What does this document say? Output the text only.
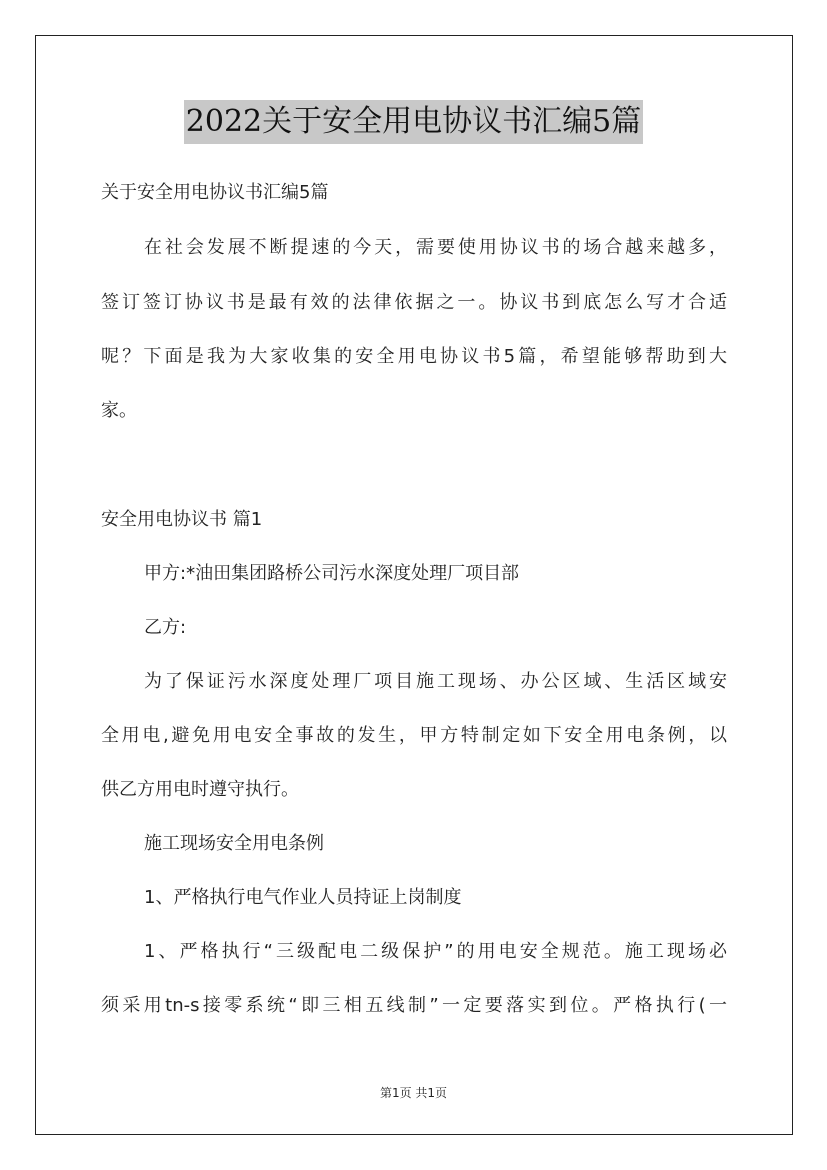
2022关于安全用电协议书汇编5篇
关于安全用电协议书汇编5篇
在社会发展不断提速的今天，需要使用协议书的场合越来越多，
签订签订协议书是最有效的法律依据之一。协议书到底怎么写才合适
呢？下面是我为大家收集的安全用电协议书5篇，希望能够帮助到大
家。
安全用电协议书 篇1
甲方:*油田集团路桥公司污水深度处理厂项目部
乙方:
为了保证污水深度处理厂项目施工现场、办公区域、生活区域安
全用电,避免用电安全事故的发生，甲方特制定如下安全用电条例，以
供乙方用电时遵守执行。
施工现场安全用电条例
1、严格执行电气作业人员持证上岗制度
1、严格执行“三级配电二级保护”的用电安全规范。施工现场必
须采用tn-s接零系统“即三相五线制”一定要落实到位。严格执行(一
第1页 共1页
